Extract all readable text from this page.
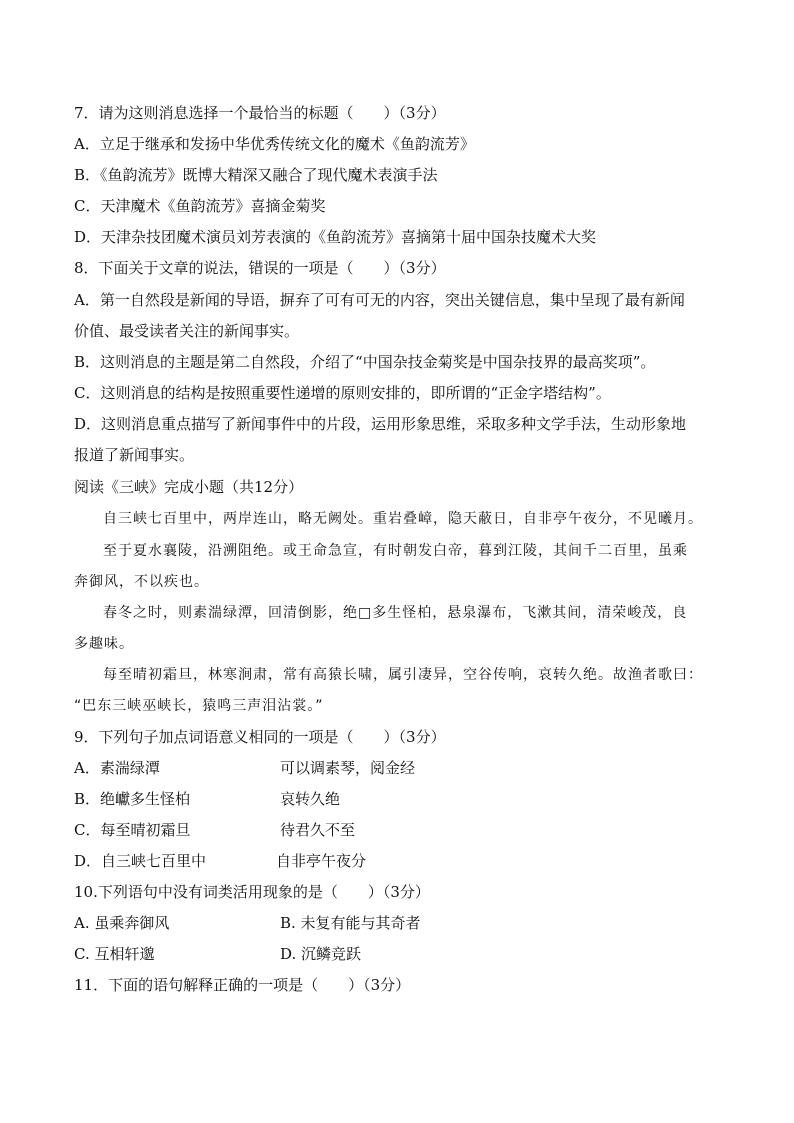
7．请为这则消息选择一个最恰当的标题（　　）（3分）
A．立足于继承和发扬中华优秀传统文化的魔术《鱼韵流芳》
B．《鱼韵流芳》既博大精深又融合了现代魔术表演手法
C．天津魔术《鱼韵流芳》喜摘金菊奖
D．天津杂技团魔术演员刘芳表演的《鱼韵流芳》喜摘第十届中国杂技魔术大奖
8．下面关于文章的说法，错误的一项是（　　）（3分）
A．第一自然段是新闻的导语，摒弃了可有可无的内容，突出关键信息，集中呈现了最有新闻
价值、最受读者关注的新闻事实。
B．这则消息的主题是第二自然段，介绍了“中国杂技金菊奖是中国杂技界的最高奖项”。
C．这则消息的结构是按照重要性递增的原则安排的，即所谓的“正金字塔结构”。
D．这则消息重点描写了新闻事件中的片段，运用形象思维，采取多种文学手法，生动形象地
报道了新闻事实。
阅读《三峡》完成小题（共12分）
自三峡七百里中，两岸连山，略无阙处。重岩叠嶂，隐天蔽日，自非亭午夜分，不见曦月。
至于夏水襄陵，沿溯阻绝。或王命急宣，有时朝发白帝，暮到江陵，其间千二百里，虽乘
奔御风，不以疾也。
春冬之时，则素湍绿潭，回清倒影，绝□多生怪柏，悬泉瀑布，飞漱其间，清荣峻茂，良
多趣味。
每至晴初霜旦，林寒涧肃，常有高猿长啸，属引凄异，空谷传响，哀转久绝。故渔者歌曰：
“巴东三峡巫峡长，猿鸣三声泪沾裳。”
9．下列句子加点词语意义相同的一项是（　　）（3分）
A．素湍绿潭	可以调素琴，阅金经
B．绝巘多生怪柏	哀转久绝
C．每至晴初霜旦	待君久不至
D．自三峡七百里中	自非亭午夜分
10.下列语句中没有词类活用现象的是（　　）（3分）
A. 虽乘奔御风	B. 未复有能与其奇者
C. 互相轩邈	D. 沉鳞竞跃
11．下面的语句解释正确的一项是（　　）（3分）
